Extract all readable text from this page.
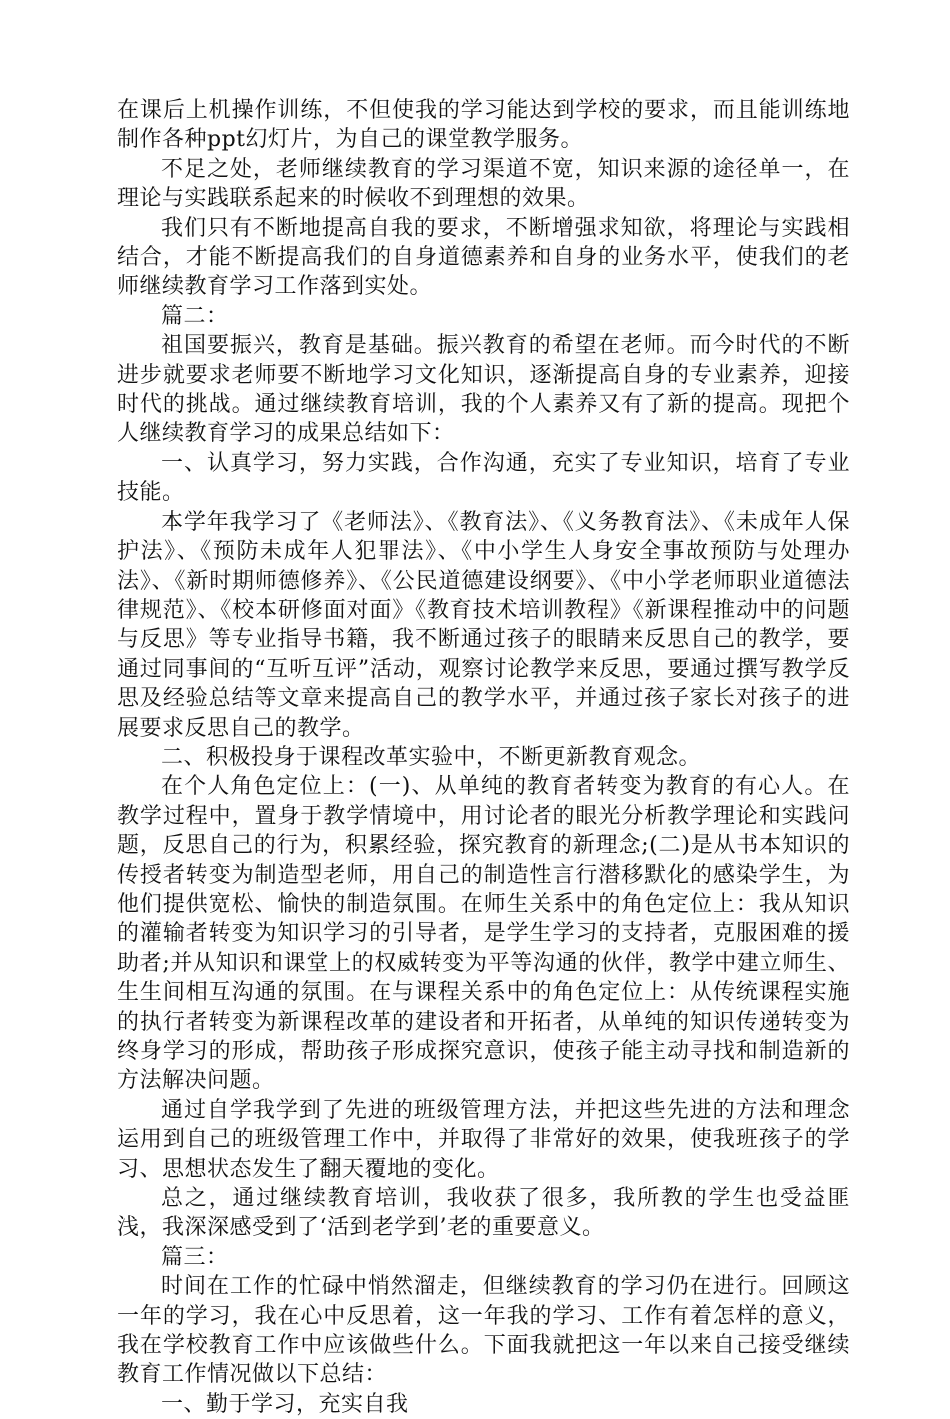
在课后上机操作训练，不但使我的学习能达到学校的要求，而且能训练地制作各种ppt幻灯片，为自己的课堂教学服务。

不足之处，老师继续教育的学习渠道不宽，知识来源的途径单一，在理论与实践联系起来的时候收不到理想的效果。

我们只有不断地提高自我的要求，不断增强求知欲，将理论与实践相结合，才能不断提高我们的自身道德素养和自身的业务水平，使我们的老师继续教育学习工作落到实处。

篇二：

祖国要振兴，教育是基础。振兴教育的希望在老师。而今时代的不断进步就要求老师要不断地学习文化知识，逐渐提高自身的专业素养，迎接时代的挑战。通过继续教育培训，我的个人素养又有了新的提高。现把个人继续教育学习的成果总结如下：

一、认真学习，努力实践，合作沟通，充实了专业知识，培育了专业技能。

本学年我学习了《老师法》、《教育法》、《义务教育法》、《未成年人保护法》、《预防未成年人犯罪法》、《中小学生人身安全事故预防与处理办法》、《新时期师德修养》、《公民道德建设纲要》、《中小学老师职业道德法律规范》、《校本研修面对面》《教育技术培训教程》《新课程推动中的问题与反思》等专业指导书籍，我不断通过孩子的眼睛来反思自己的教学，要通过同事间的“互听互评”活动，观察讨论教学来反思，要通过撰写教学反思及经验总结等文章来提高自己的教学水平，并通过孩子家长对孩子的进展要求反思自己的教学。

二、积极投身于课程改革实验中，不断更新教育观念。

在个人角色定位上：(一)、从单纯的教育者转变为教育的有心人。在教学过程中，置身于教学情境中，用讨论者的眼光分析教学理论和实践问题，反思自己的行为，积累经验，探究教育的新理念;(二)是从书本知识的传授者转变为制造型老师，用自己的制造性言行潜移默化的感染学生，为他们提供宽松、愉快的制造氛围。在师生关系中的角色定位上：我从知识的灌输者转变为知识学习的引导者，是学生学习的支持者，克服困难的援助者;并从知识和课堂上的权威转变为平等沟通的伙伴，教学中建立师生、生生间相互沟通的氛围。在与课程关系中的角色定位上：从传统课程实施的执行者转变为新课程改革的建设者和开拓者，从单纯的知识传递转变为终身学习的形成，帮助孩子形成探究意识，使孩子能主动寻找和制造新的方法解决问题。

通过自学我学到了先进的班级管理方法，并把这些先进的方法和理念运用到自己的班级管理工作中，并取得了非常好的效果，使我班孩子的学习、思想状态发生了翻天覆地的变化。

总之，通过继续教育培训，我收获了很多，我所教的学生也受益匪浅，我深深感受到了‘活到老学到’老的重要意义。

篇三：

时间在工作的忙碌中悄然溜走，但继续教育的学习仍在进行。回顾这一年的学习，我在心中反思着，这一年我的学习、工作有着怎样的意义，我在学校教育工作中应该做些什么。下面我就把这一年以来自己接受继续教育工作情况做以下总结：

一、勤于学习，充实自我
